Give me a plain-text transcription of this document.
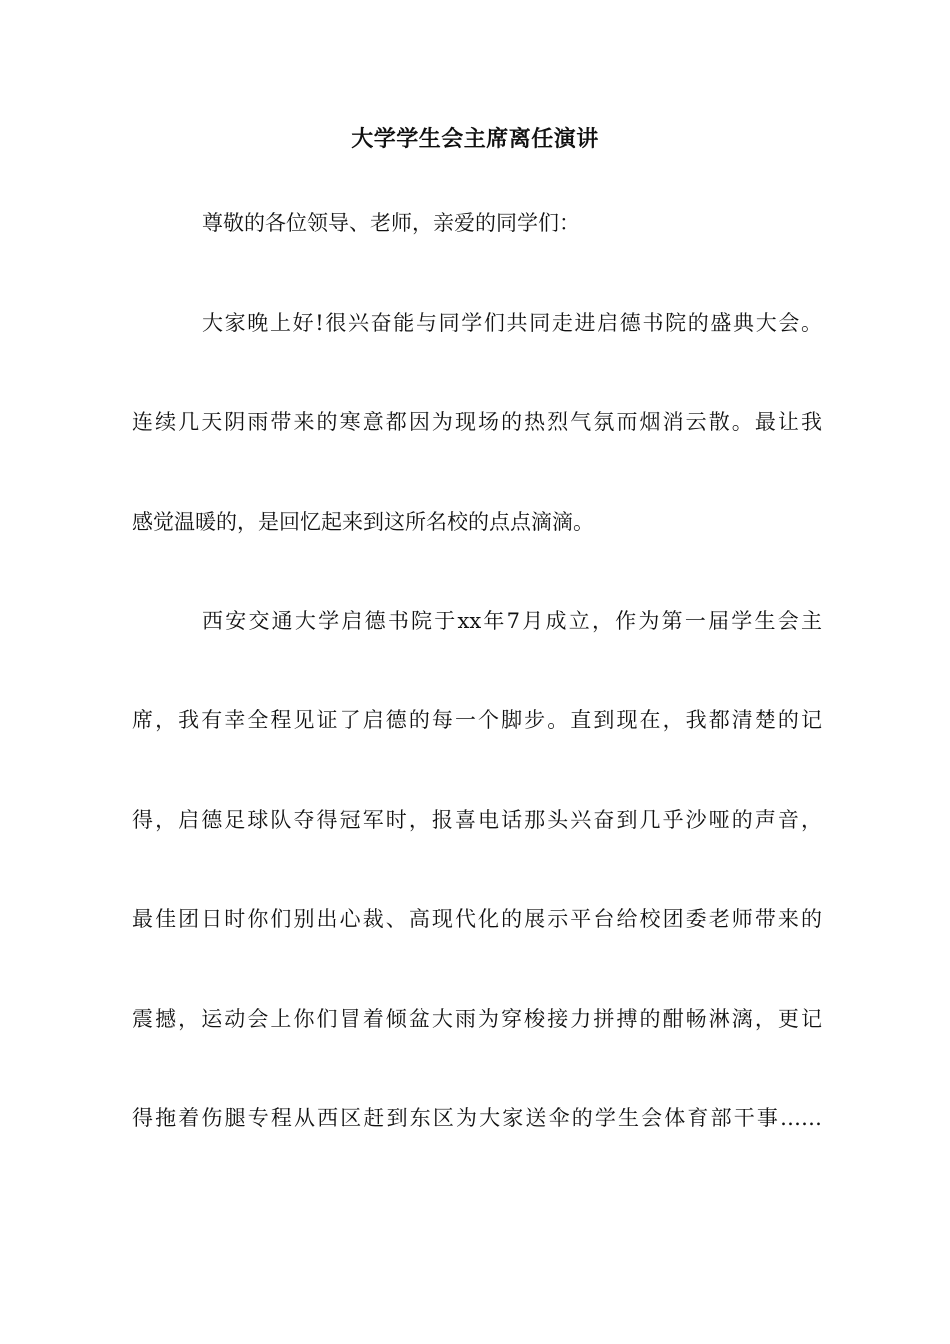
大学学生会主席离任演讲
尊敬的各位领导、老师，亲爱的同学们：
大家晚上好!很兴奋能与同学们共同走进启德书院的盛典大会。
连续几天阴雨带来的寒意都因为现场的热烈气氛而烟消云散。最让我
感觉温暖的，是回忆起来到这所名校的点点滴滴。
西安交通大学启德书院于xx年7月成立，作为第一届学生会主
席，我有幸全程见证了启德的每一个脚步。直到现在，我都清楚的记
得，启德足球队夺得冠军时，报喜电话那头兴奋到几乎沙哑的声音，
最佳团日时你们别出心裁、高现代化的展示平台给校团委老师带来的
震撼，运动会上你们冒着倾盆大雨为穿梭接力拼搏的酣畅淋漓，更记
得拖着伤腿专程从西区赶到东区为大家送伞的学生会体育部干事……
